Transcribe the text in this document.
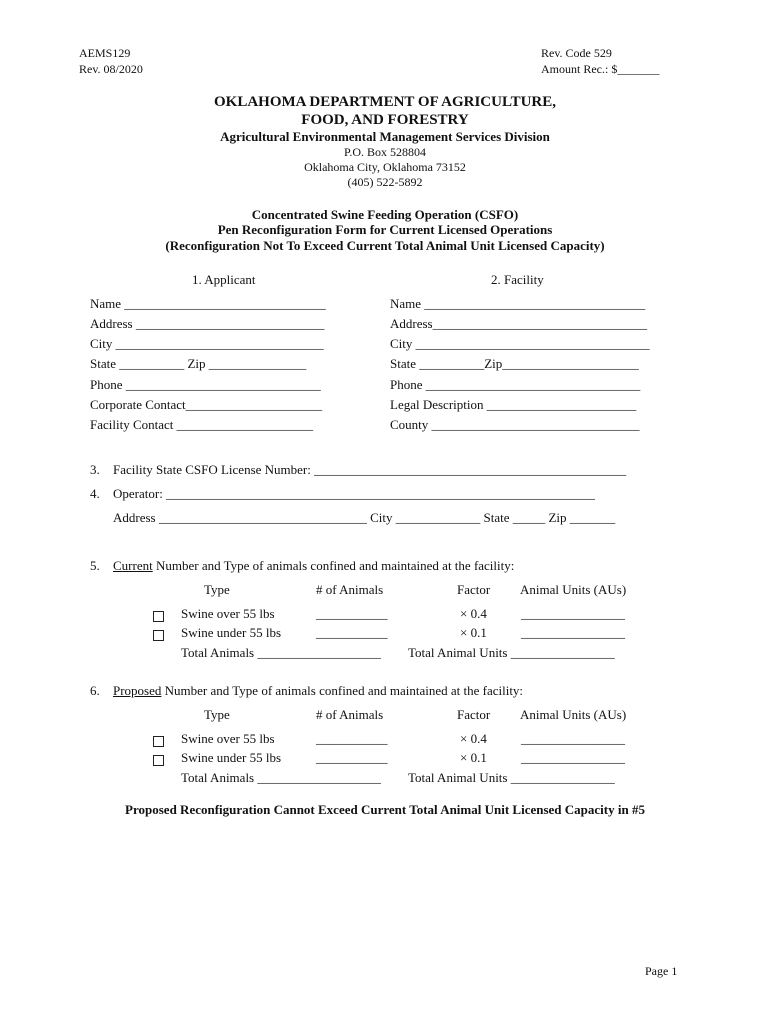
AEMS129
Rev. 08/2020
Rev. Code 529
Amount Rec.: $_______
OKLAHOMA DEPARTMENT OF AGRICULTURE,
FOOD, AND FORESTRY
Agricultural Environmental Management Services Division
P.O. Box 528804
Oklahoma City, Oklahoma 73152
(405) 522-5892
Concentrated Swine Feeding Operation (CSFO)
Pen Reconfiguration Form for Current Licensed Operations
(Reconfiguration Not To Exceed Current Total Animal Unit Licensed Capacity)
1. Applicant	2. Facility
Name _______________________________
Address _____________________________
City ________________________________
State __________ Zip _______________
Phone ______________________________
Corporate Contact_____________________
Facility Contact _____________________
Name __________________________________
Address_________________________________
City ____________________________________
State __________Zip_____________________
Phone _________________________________
Legal Description _______________________
County ________________________________
3. Facility State CSFO License Number: ________________________________________________
4. Operator: __________________________________________________________________
Address ________________________________ City _____________ State _____ Zip _______
5. Current Number and Type of animals confined and maintained at the facility:
Type	# of Animals	Factor Animal Units (AUs)
Swine over 55 lbs	___________	× 0.4	________________
Swine under 55 lbs	___________	× 0.1	________________
Total Animals ___________________ Total Animal Units ________________
6. Proposed Number and Type of animals confined and maintained at the facility:
Type	# of Animals	Factor Animal Units (AUs)
Swine over 55 lbs	___________	× 0.4	________________
Swine under 55 lbs	___________	× 0.1	________________
Total Animals ___________________ Total Animal Units ________________
Proposed Reconfiguration Cannot Exceed Current Total Animal Unit Licensed Capacity in #5
Page 1
